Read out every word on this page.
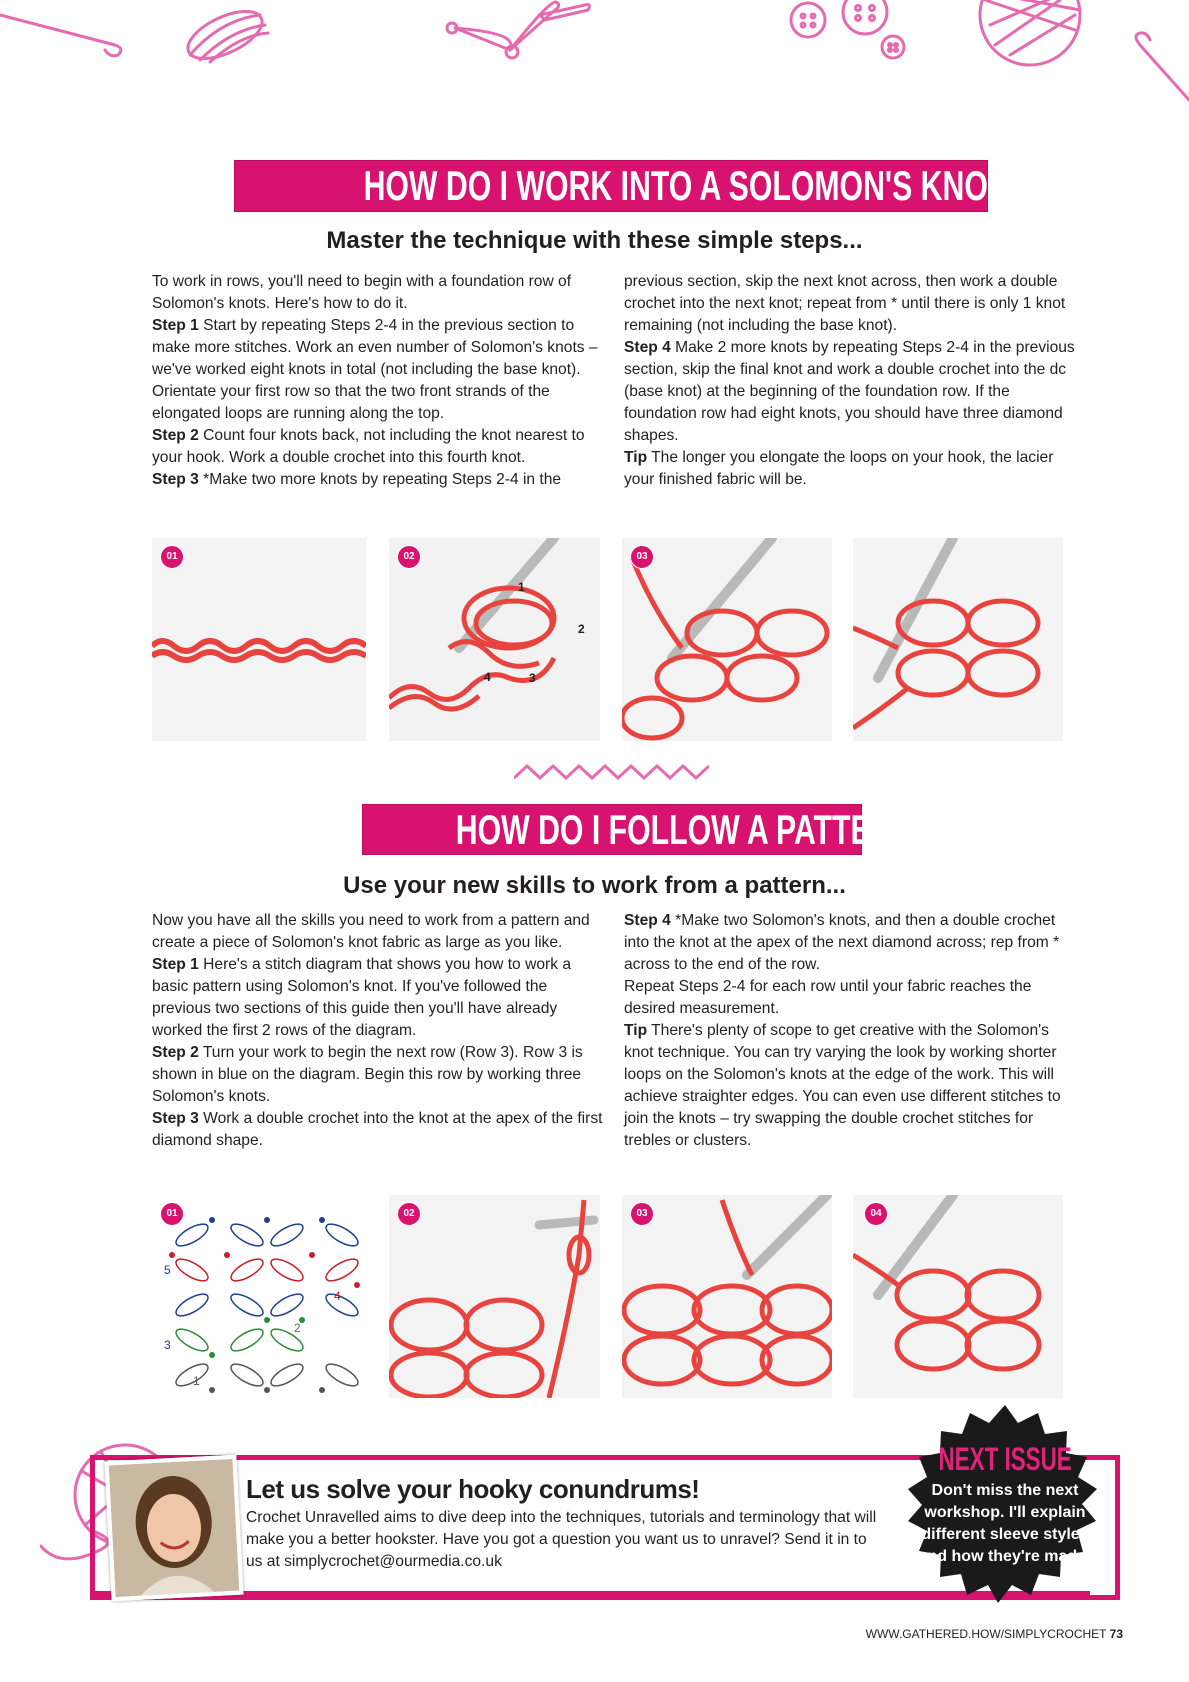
HOW DO I WORK INTO A SOLOMON'S KNOT?
Master the technique with these simple steps...

To work in rows, you'll need to begin with a foundation row of Solomon's knots. Here's how to do it.

Step 1 Start by repeating Steps 2-4 in the previous section to make more stitches. Work an even number of Solomon's knots – we've worked eight knots in total (not including the base knot). Orientate your first row so that the two front strands of the elongated loops are running along the top.

Step 2 Count four knots back, not including the knot nearest to your hook. Work a double crochet into this fourth knot.

Step 3 *Make two more knots by repeating Steps 2-4 in the

previous section, skip the next knot across, then work a double crochet into the next knot; repeat from * until there is only 1 knot remaining (not including the base knot).

Step 4 Make 2 more knots by repeating Steps 2-4 in the previous section, skip the final knot and work a double crochet into the dc (base knot) at the beginning of the foundation row. If the foundation row had eight knots, you should have three diamond shapes.

Tip The longer you elongate the loops on your hook, the lacier your finished fabric will be.

01	02
1
2
3
4
03
HOW DO I FOLLOW A PATTERN?
Use your new skills to work from a pattern...

Now you have all the skills you need to work from a pattern and create a piece of Solomon's knot fabric as large as you like.

Step 1 Here's a stitch diagram that shows you how to work a basic pattern using Solomon's knot. If you've followed the previous two sections of this guide then you'll have already worked the first 2 rows of the diagram.

Step 2 Turn your work to begin the next row (Row 3). Row 3 is shown in blue on the diagram. Begin this row by working three Solomon's knots.

Step 3 Work a double crochet into the knot at the apex of the first diamond shape.

Step 4 *Make two Solomon's knots, and then a double crochet into the knot at the apex of the next diamond across; rep from * across to the end of the row.

Repeat Steps 2-4 for each row until your fabric reaches the desired measurement.

Tip There's plenty of scope to get creative with the Solomon's knot technique. You can try varying the look by working shorter loops on the Solomon's knots at the edge of the work. This will achieve straighter edges. You can even use different stitches to join the knots – try swapping the double crochet stitches for trebles or clusters.

01
1
2
3
4
5
02	03	04
Let us solve your hooky conundrums!
Crochet Unravelled aims to dive deep into the techniques, tutorials and terminology that will make you a better hookster. Have you got a question you want us to unravel? Send it in to us at simplycrochet@ourmedia.co.uk
NEXT ISSUE
Don't miss the next workshop. I'll explain different sleeve styles and how they're made!
WWW.GATHERED.HOW/SIMPLYCROCHET 73
